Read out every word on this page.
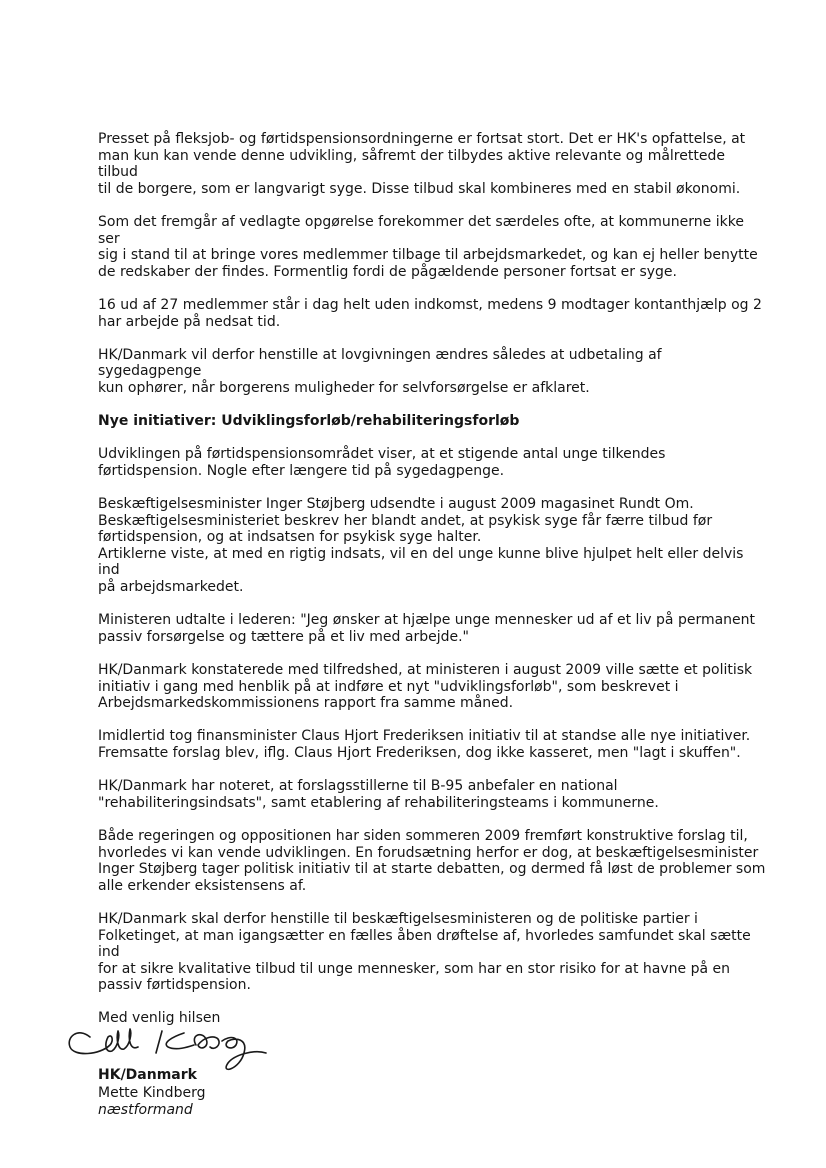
Presset på fleksjob- og førtidspensionsordningerne er fortsat stort. Det er HK's opfattelse, at
man kun kan vende denne udvikling, såfremt der tilbydes aktive relevante og målrettede tilbud
til de borgere, som er langvarigt syge. Disse tilbud skal kombineres med en stabil økonomi.

Som det fremgår af vedlagte opgørelse forekommer det særdeles ofte, at kommunerne ikke ser
sig i stand til at bringe vores medlemmer tilbage til arbejdsmarkedet, og kan ej heller benytte
de redskaber der findes. Formentlig fordi de pågældende personer fortsat er syge.

16 ud af 27 medlemmer står i dag helt uden indkomst, medens 9 modtager kontanthjælp og 2
har arbejde på nedsat tid.

HK/Danmark vil derfor henstille at lovgivningen ændres således at udbetaling af sygedagpenge
kun ophører, når borgerens muligheder for selvforsørgelse er afklaret.

Nye initiativer: Udviklingsforløb/rehabiliteringsforløb

Udviklingen på førtidspensionsområdet viser, at et stigende antal unge tilkendes
førtidspension. Nogle efter længere tid på sygedagpenge.

Beskæftigelsesminister Inger Støjberg udsendte i august 2009 magasinet Rundt Om.
Beskæftigelsesministeriet beskrev her blandt andet, at psykisk syge får færre tilbud før
førtidspension, og at indsatsen for psykisk syge halter.
Artiklerne viste, at med en rigtig indsats, vil en del unge kunne blive hjulpet helt eller delvis ind
på arbejdsmarkedet.

Ministeren udtalte i lederen: "Jeg ønsker at hjælpe unge mennesker ud af et liv på permanent
passiv forsørgelse og tættere på et liv med arbejde."

HK/Danmark konstaterede med tilfredshed, at ministeren i august 2009 ville sætte et politisk
initiativ i gang med henblik på at indføre et nyt "udviklingsforløb", som beskrevet i
Arbejdsmarkedskommissionens rapport fra samme måned.

Imidlertid tog finansminister Claus Hjort Frederiksen initiativ til at standse alle nye initiativer.
Fremsatte forslag blev, iflg. Claus Hjort Frederiksen, dog ikke kasseret, men "lagt i skuffen".

HK/Danmark har noteret, at forslagsstillerne til B-95 anbefaler en national
"rehabiliteringsindsats", samt etablering af rehabiliteringsteams i kommunerne.

Både regeringen og oppositionen har siden sommeren 2009 fremført konstruktive forslag til,
hvorledes vi kan vende udviklingen. En forudsætning herfor er dog, at beskæftigelsesminister
Inger Støjberg tager politisk initiativ til at starte debatten, og dermed få løst de problemer som
alle erkender eksistensens af.

HK/Danmark skal derfor henstille til beskæftigelsesministeren og de politiske partier i
Folketinget, at man igangsætter en fælles åben drøftelse af, hvorledes samfundet skal sætte ind
for at sikre kvalitative tilbud til unge mennesker, som har en stor risiko for at havne på en
passiv førtidspension.

Med venlig hilsen

HK/Danmark
Mette Kindberg
næstformand
